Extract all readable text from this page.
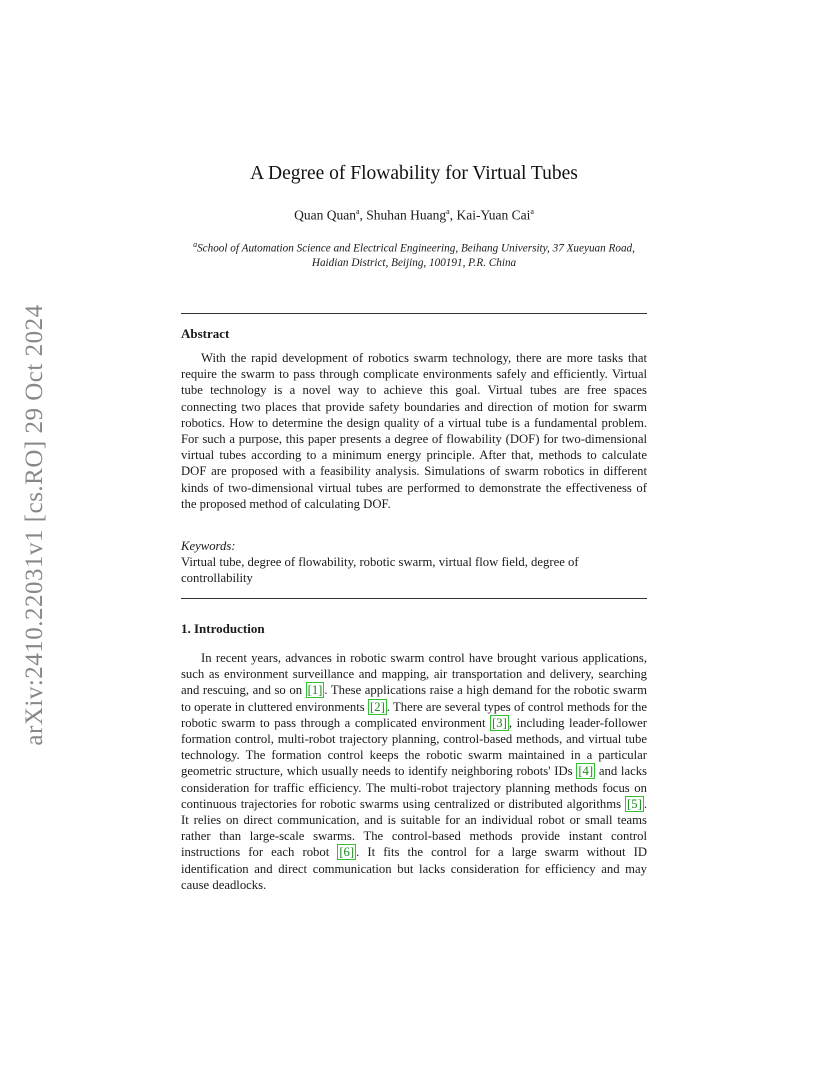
arXiv:2410.22031v1 [cs.RO] 29 Oct 2024
A Degree of Flowability for Virtual Tubes
Quan Quan$^a$, Shuhan Huang$^a$, Kai-Yuan Cai$^a$
$^a$School of Automation Science and Electrical Engineering, Beihang University, 37 Xueyuan Road, Haidian District, Beijing, 100191, P.R. China
Abstract

With the rapid development of robotics swarm technology, there are more tasks that require the swarm to pass through complicate environments safely and efficiently. Virtual tube technology is a novel way to achieve this goal. Virtual tubes are free spaces connecting two places that provide safety boundaries and direction of motion for swarm robotics. How to determine the design quality of a virtual tube is a fundamental problem. For such a purpose, this paper presents a degree of flowability (DOF) for two-dimensional virtual tubes according to a minimum energy principle. After that, methods to calculate DOF are proposed with a feasibility analysis. Simulations of swarm robotics in different kinds of two-dimensional virtual tubes are performed to demonstrate the effectiveness of the proposed method of calculating DOF.

Keywords:

Virtual tube, degree of flowability, robotic swarm, virtual flow field, degree of controllability

1. Introduction

In recent years, advances in robotic swarm control have brought various applications, such as environment surveillance and mapping, air transportation and delivery, searching and rescuing, and so on [1] . These applications raise a high demand for the robotic swarm to operate in cluttered environments [2] . There are several types of control methods for the robotic swarm to pass through a complicated environment [3] , including leader-follower formation control, multi-robot trajectory planning, control-based methods, and virtual tube technology. The formation control keeps the robotic swarm maintained in a particular geometric structure, which usually needs to identify neighboring robots' IDs [4] and lacks consideration for traffic efficiency. The multi-robot trajectory planning methods focus on continuous trajectories for robotic swarms using centralized or distributed algorithms [5] . It relies on direct communication, and is suitable for an individual robot or small teams rather than large-scale swarms. The control-based methods provide instant control instructions for each robot [6] . It fits the control for a large swarm without ID identification and direct communication but lacks consideration for efficiency and may cause deadlocks.
